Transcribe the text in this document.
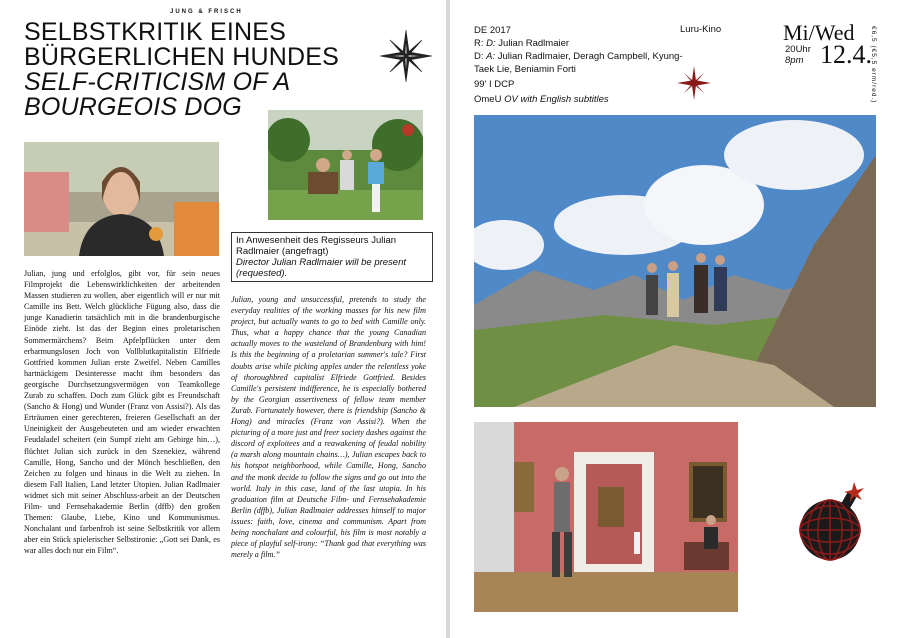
JUNG & FRISCH
SELBSTKRITIK EINES BÜRGERLICHEN HUNDES
SELF-CRITICISM OF A BOURGEOIS DOG
In Anwesenheit des Regisseurs Julian Radlmaier (angefragt)
Director Julian Radlmaier will be present (requested).
Julian, jung und erfolglos, gibt vor, für sein neues Filmprojekt die Lebenswirklichkeiten der arbeitenden Massen studieren zu wollen, aber eigentlich will er nur mit Camille ins Bett. Welch glückliche Fügung also, dass die junge Kanadierin tatsächlich mit in die brandenburgische Einöde zieht. Ist das der Beginn eines proletarischen Sommermärchens? Beim Apfelpflücken unter dem erbarmungslosen Joch von Vollblutkapitalistin Elfriede Gottfried kommen Julian erste Zweifel. Neben Camilles hartnäckigem Desinteresse macht ihm besonders das georgische Durchsetzungsvermögen von Teamkollege Zurab zu schaffen. Doch zum Glück gibt es Freundschaft (Sancho & Hong) und Wunder (Franz von Assisi?). Als das Erträumen einer gerechteren, freieren Gesellschaft an der Uneinigkeit der Ausgebeuteten und am wieder erwachten Feudaladel scheitert (ein Sumpf zieht am Gebirge hin…), flüchtet Julian sich zurück in den Szenekiez, während Camille, Hong, Sancho und der Mönch beschließen, den Zeichen zu folgen und hinaus in die Welt zu ziehen. In diesem Fall Italien, Land letzter Utopien. Julian Radlmaier widmet sich mit seiner Abschluss-arbeit an der Deutschen Film- und Fernsehakademie Berlin (dffb) den großen Themen: Glaube, Liebe, Kino und Kommunismus. Nonchalant und farbenfroh ist seine Selbstkritik vor allem aber ein Stück spielerischer Selbstironie: „Gott sei Dank, es war alles doch nur ein Film“.
Julian, young and unsuccessful, pretends to study the everyday realities of the working masses for his new film project, but actually wants to go to bed with Camille only. Thus, what a happy chance that the young Canadian actually moves to the wasteland of Brandenburg with him! Is this the beginning of a proletarian summer's tale? First doubts arise while picking apples under the relentless yoke of thoroughbred capitalist Elfriede Gottfried. Besides Camille's persistent indifference, he is especially bothered by the Georgian assertiveness of fellow team member Zurab. Fortunately however, there is friendship (Sancho & Hong) and miracles (Franz von Assisi?). When the picturing of a more just and freer society dashes against the discord of exploitees and a reawakening of feudal nobility (a marsh along mountain chains…), Julian escapes back to his hotspot neighborhood, while Camille, Hong, Sancho and the monk decide to follow the signs and go out into the world. Italy in this case, land of the last utopia. In his graduation film at Deutsche Film- und Fernsehakademie Berlin (dffb), Julian Radlmaier addresses himself to major issues: faith, love, cinema and communism. Apart from being nonchalant and colourful, his film is most notably a piece of playful self-irony: “Thank god that everything was merely a film.”

DE 2017

R: D: Julian Radlmaier

D: A: Julian Radlmaier, Deragh Campbell, Kyung-Taek Lie, Beniamin Forti

99' I DCP

OmeU OV with English subtitles

Luru-Kino	Mi/Wed
20Uhr
8pm 12.4.
€6,5 (€5,5 erm/red.)
